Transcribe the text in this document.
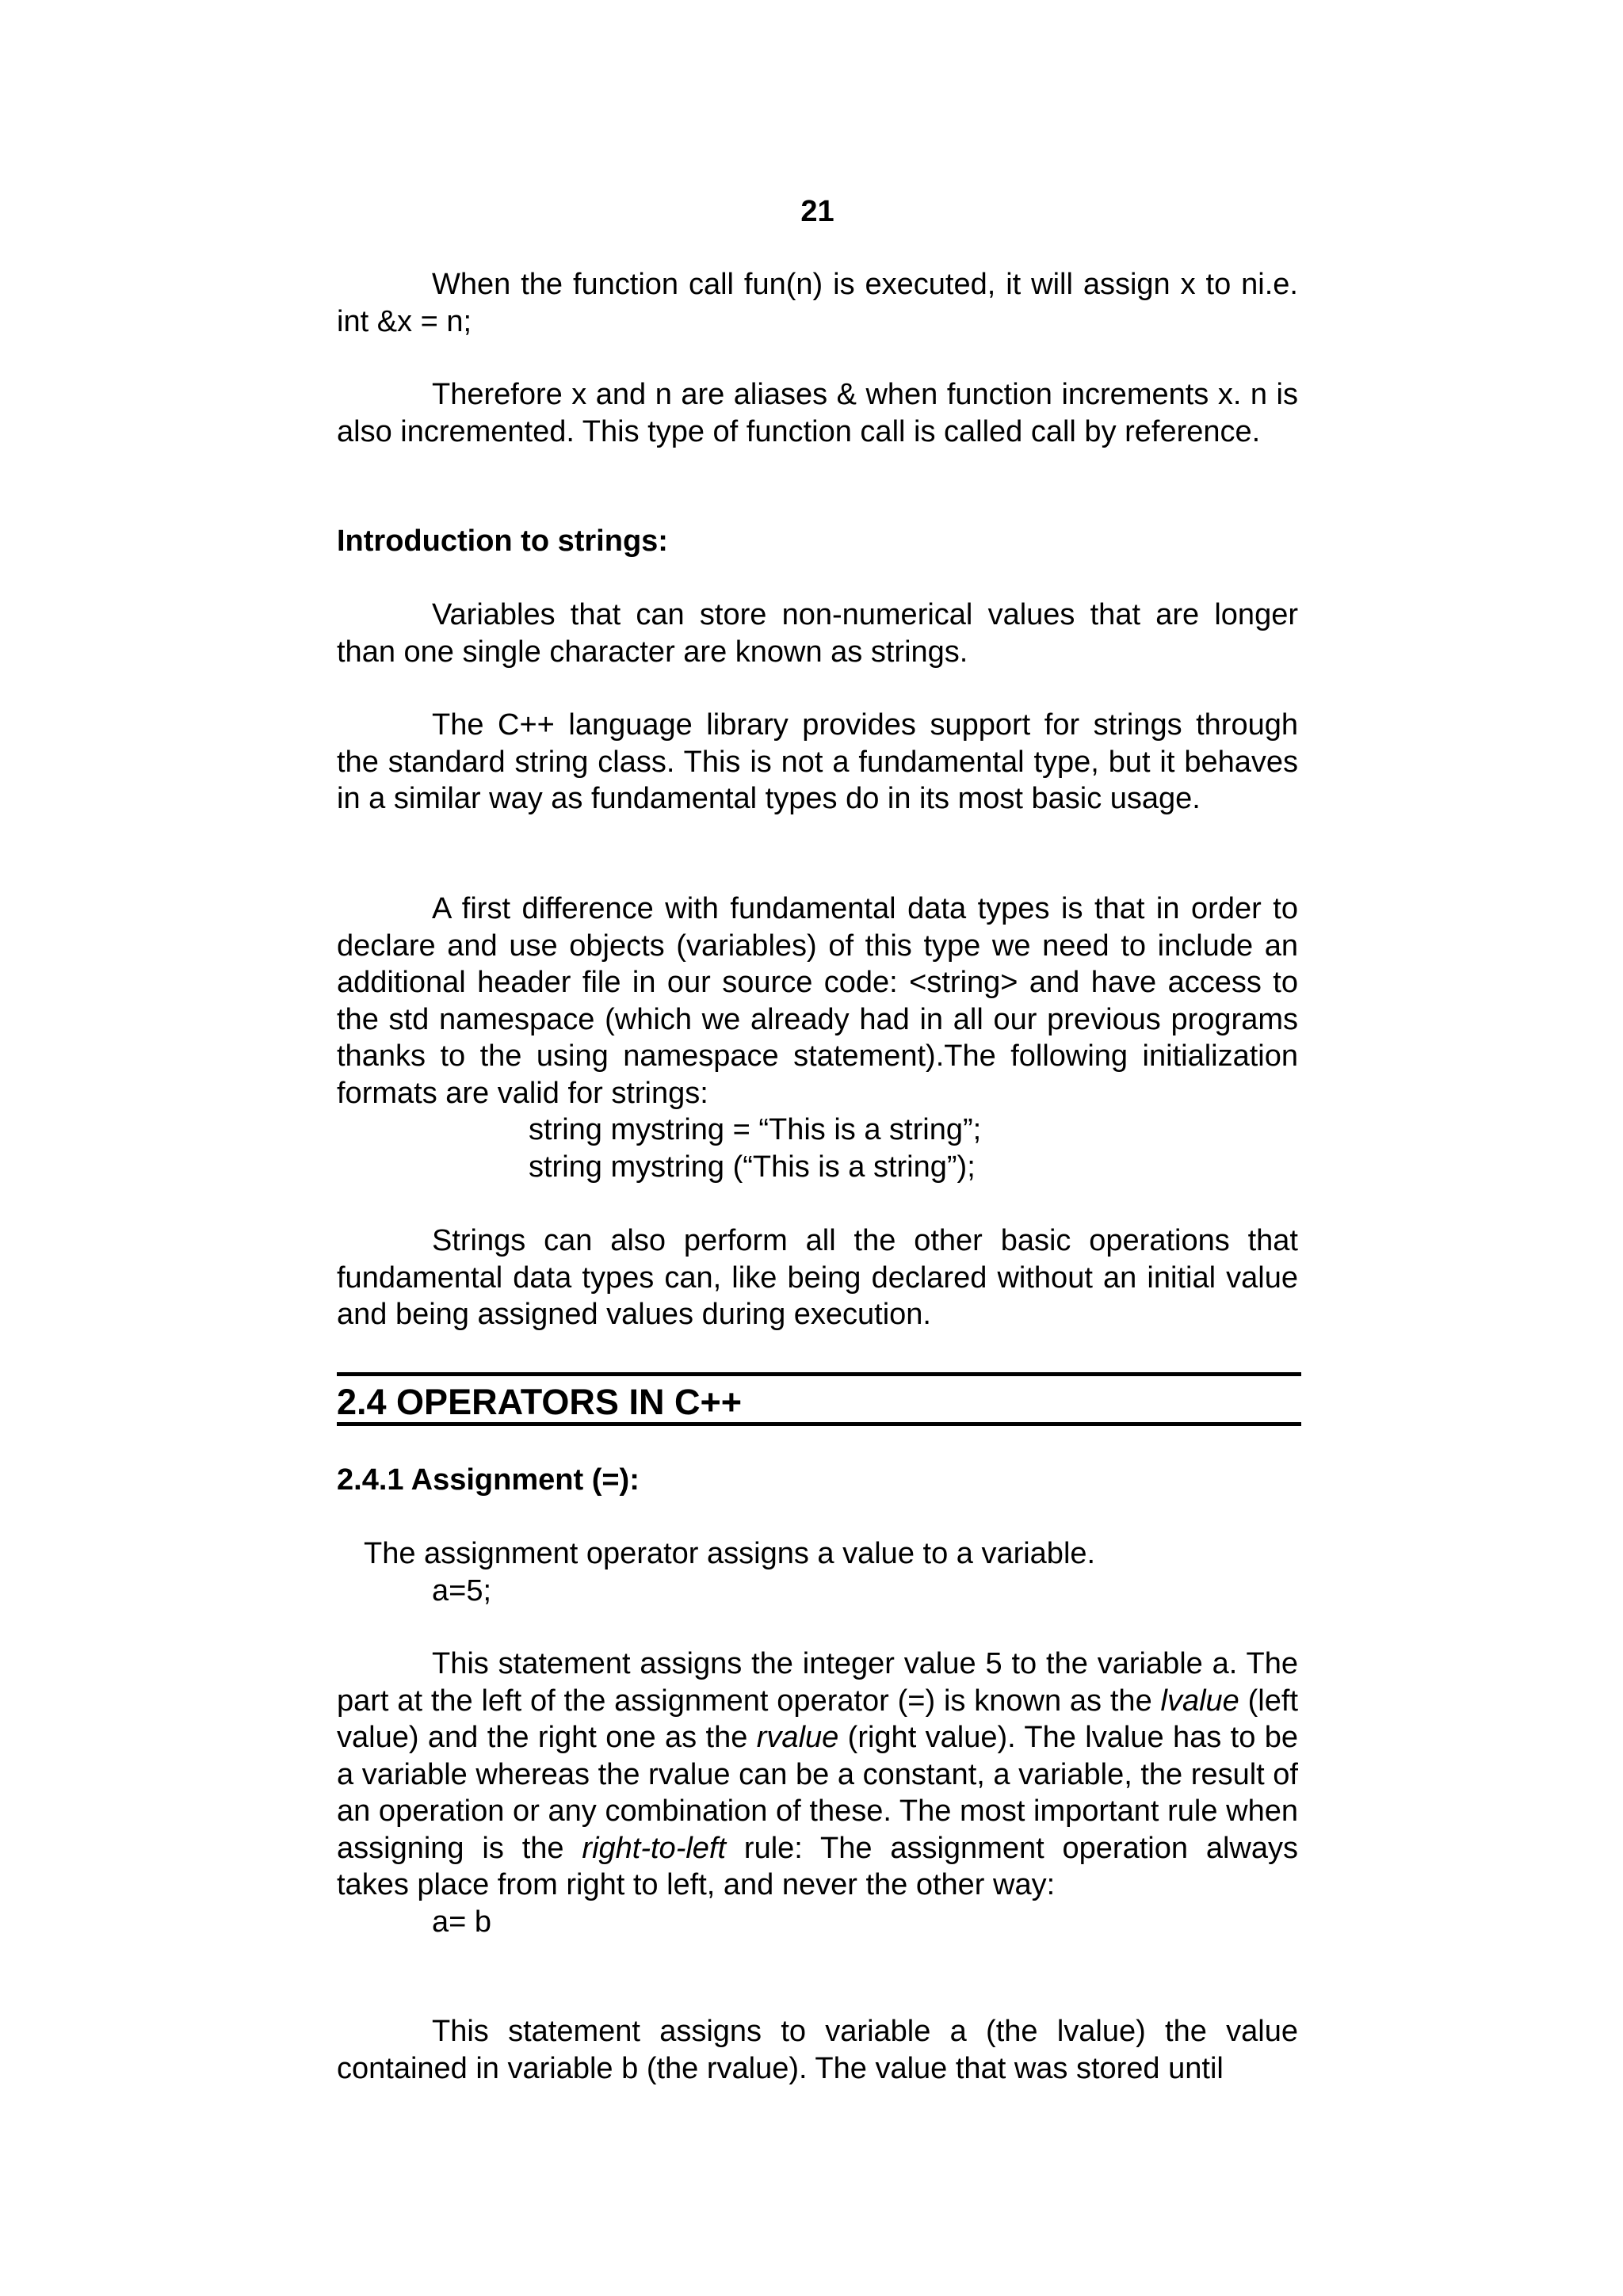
21

When the function call fun(n) is executed, it will assign x to ni.e. int &x = n;

Therefore x and n are aliases & when function increments x. n is also incremented. This type of function call is called call by reference.

Introduction to strings:

Variables that can store non-numerical values that are longer than one single character are known as strings.

The C++ language library provides support for strings through the standard string class. This is not a fundamental type, but it behaves in a similar way as fundamental types do in its most basic usage.

A first difference with fundamental data types is that in order to declare and use objects (variables) of this type we need to include an additional header file in our source code: <string> and have access to the std namespace (which we already had in all our previous programs thanks to the using namespace statement).The following initialization formats are valid for strings:

string mystring = “This is a string”;

string mystring (“This is a string”);

Strings can also perform all the other basic operations that fundamental data types can, like being declared without an initial value and being assigned values during execution.

2.4 OPERATORS IN C++

2.4.1 Assignment (=):

The assignment operator assigns a value to a variable.

a=5;

This statement assigns the integer value 5 to the variable a. The part at the left of the assignment operator (=) is known as the lvalue (left value) and the right one as the rvalue (right value). The lvalue has to be a variable whereas the rvalue can be a constant, a variable, the result of an operation or any combination of these. The most important rule when assigning is the right-to-left rule: The assignment operation always takes place from right to left, and never the other way:

a= b

This statement assigns to variable a (the lvalue) the value contained in variable b (the rvalue). The value that was stored until
